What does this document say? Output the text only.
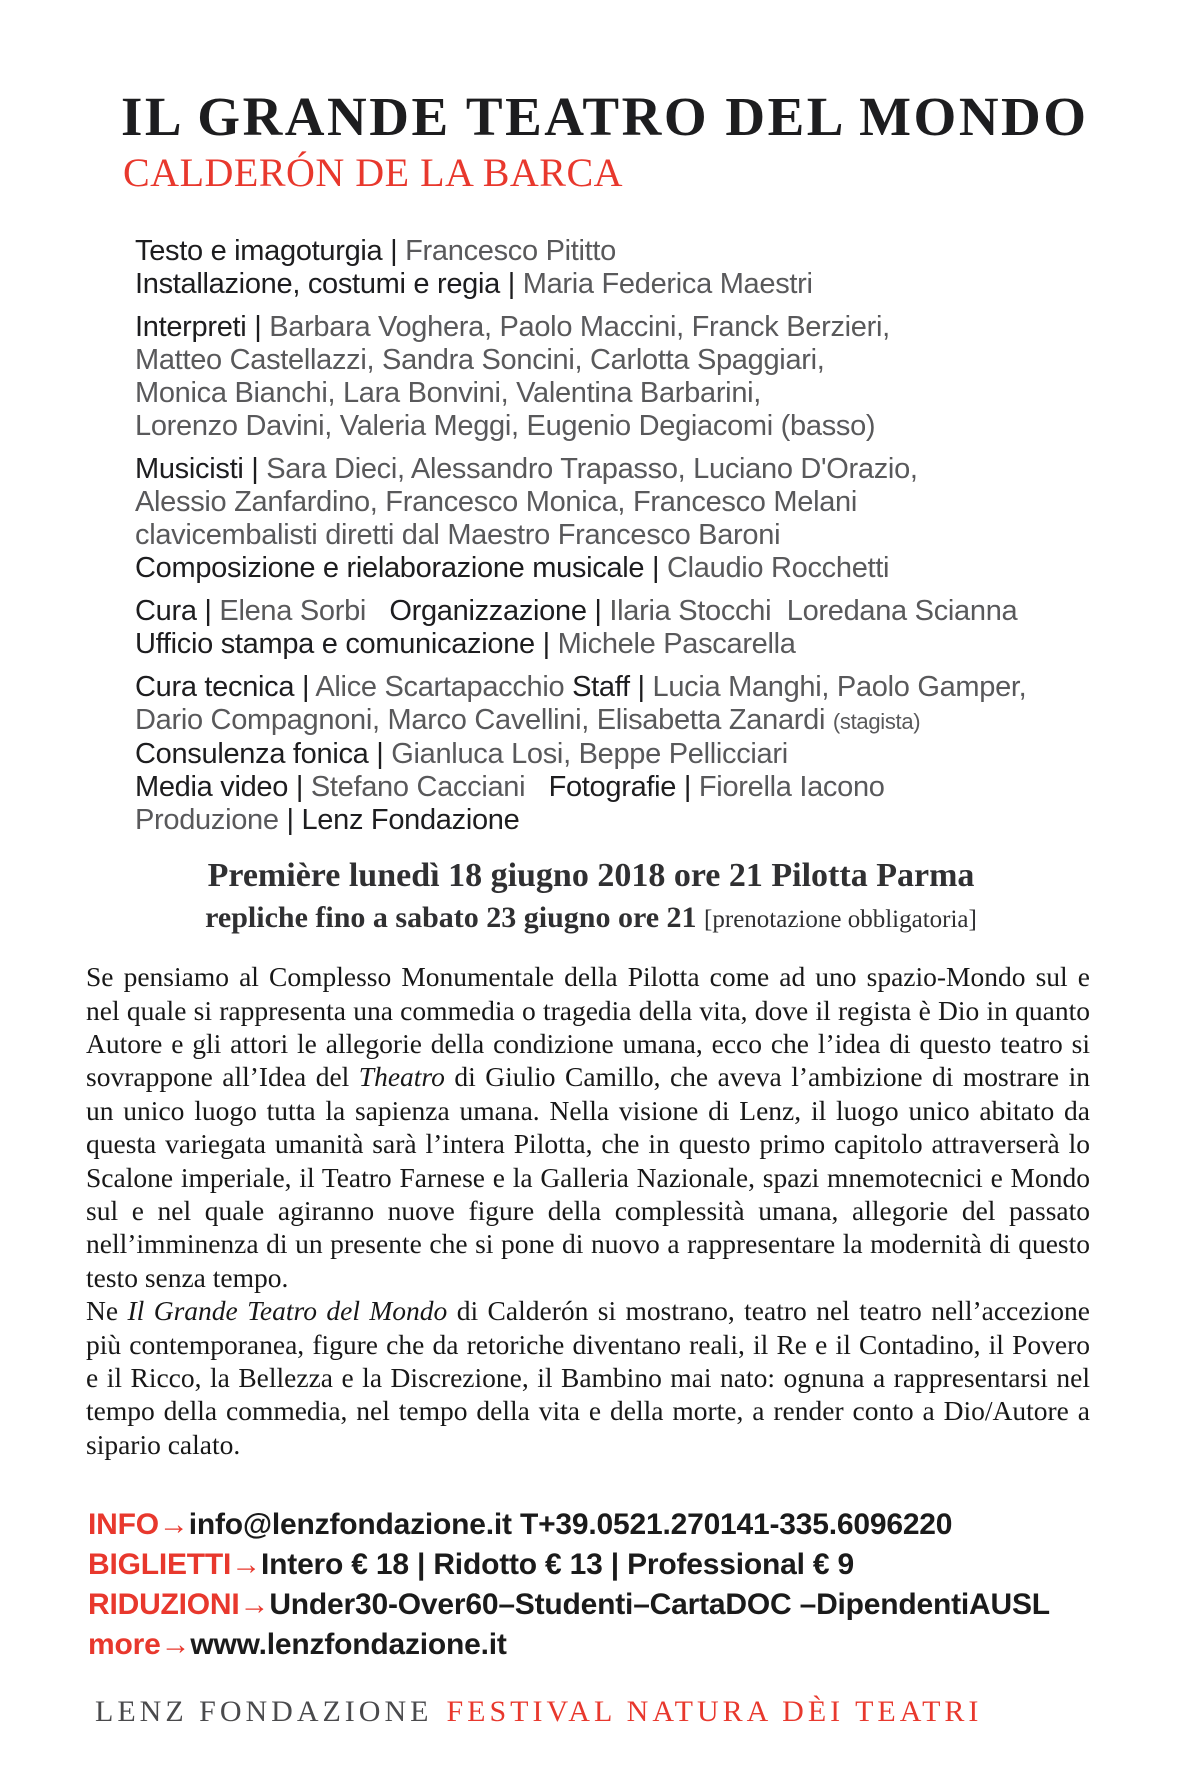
IL GRANDE TEATRO DEL MONDO
CALDERÓN DE LA BARCA
Testo e imagoturgia | Francesco Pititto
Installazione, costumi e regia | Maria Federica Maestri
Interpreti | Barbara Voghera, Paolo Maccini, Franck Berzieri,
Matteo Castellazzi, Sandra Soncini, Carlotta Spaggiari,
Monica Bianchi, Lara Bonvini, Valentina Barbarini,
Lorenzo Davini, Valeria Meggi, Eugenio Degiacomi (basso)
Musicisti | Sara Dieci, Alessandro Trapasso, Luciano D'Orazio,
Alessio Zanfardino, Francesco Monica, Francesco Melani
clavicembalisti diretti dal Maestro Francesco Baroni
Composizione e rielaborazione musicale | Claudio Rocchetti
Cura | Elena Sorbi Organizzazione | Ilaria Stocchi  Loredana Scianna
Ufficio stampa e comunicazione | Michele Pascarella
Cura tecnica | Alice Scartapacchio Staff | Lucia Manghi, Paolo Gamper,
Dario Compagnoni, Marco Cavellini, Elisabetta Zanardi (stagista)
Consulenza fonica | Gianluca Losi, Beppe Pellicciari
Media video | Stefano Cacciani Fotografie | Fiorella Iacono
Produzione | Lenz Fondazione
Première lunedì 18 giugno 2018 ore 21 Pilotta Parma
repliche fino a sabato 23 giugno ore 21 [prenotazione obbligatoria]

Se pensiamo al Complesso Monumentale della Pilotta come ad uno spazio-Mondo sul e nel quale si rappresenta una commedia o tragedia della vita, dove il regista è Dio in quanto Autore e gli attori le allegorie della condizione umana, ecco che l’idea di questo teatro si sovrappone all’Idea del Theatro di Giulio Camillo, che aveva l’ambizione di mostrare in un unico luogo tutta la sapienza umana. Nella visione di Lenz, il luogo unico abitato da questa variegata umanità sarà l’intera Pilotta, che in questo primo capitolo attraverserà lo Scalone imperiale, il Teatro Farnese e la Galleria Nazionale, spazi mnemotecnici e Mondo sul e nel quale agiranno nuove figure della complessità umana, allegorie del passato nell’imminenza di un presente che si pone di nuovo a rappresentare la modernità di questo testo senza tempo.

Ne Il Grande Teatro del Mondo di Calderón si mostrano, teatro nel teatro nell’accezione più contemporanea, figure che da retoriche diventano reali, il Re e il Contadino, il Povero e il Ricco, la Bellezza e la Discrezione, il Bambino mai nato: ognuna a rappresentarsi nel tempo della commedia, nel tempo della vita e della morte, a render conto a Dio/Autore a sipario calato.

INFO→info@lenzfondazione.it T+39.0521.270141-335.6096220
BIGLIETTI→Intero € 18 | Ridotto € 13 | Professional € 9
RIDUZIONI→Under30-Over60–Studenti–CartaDOC –DipendentiAUSL
more→www.lenzfondazione.it
LENZ FONDAZIONE FESTIVAL NATURA DÈI TEATRI
